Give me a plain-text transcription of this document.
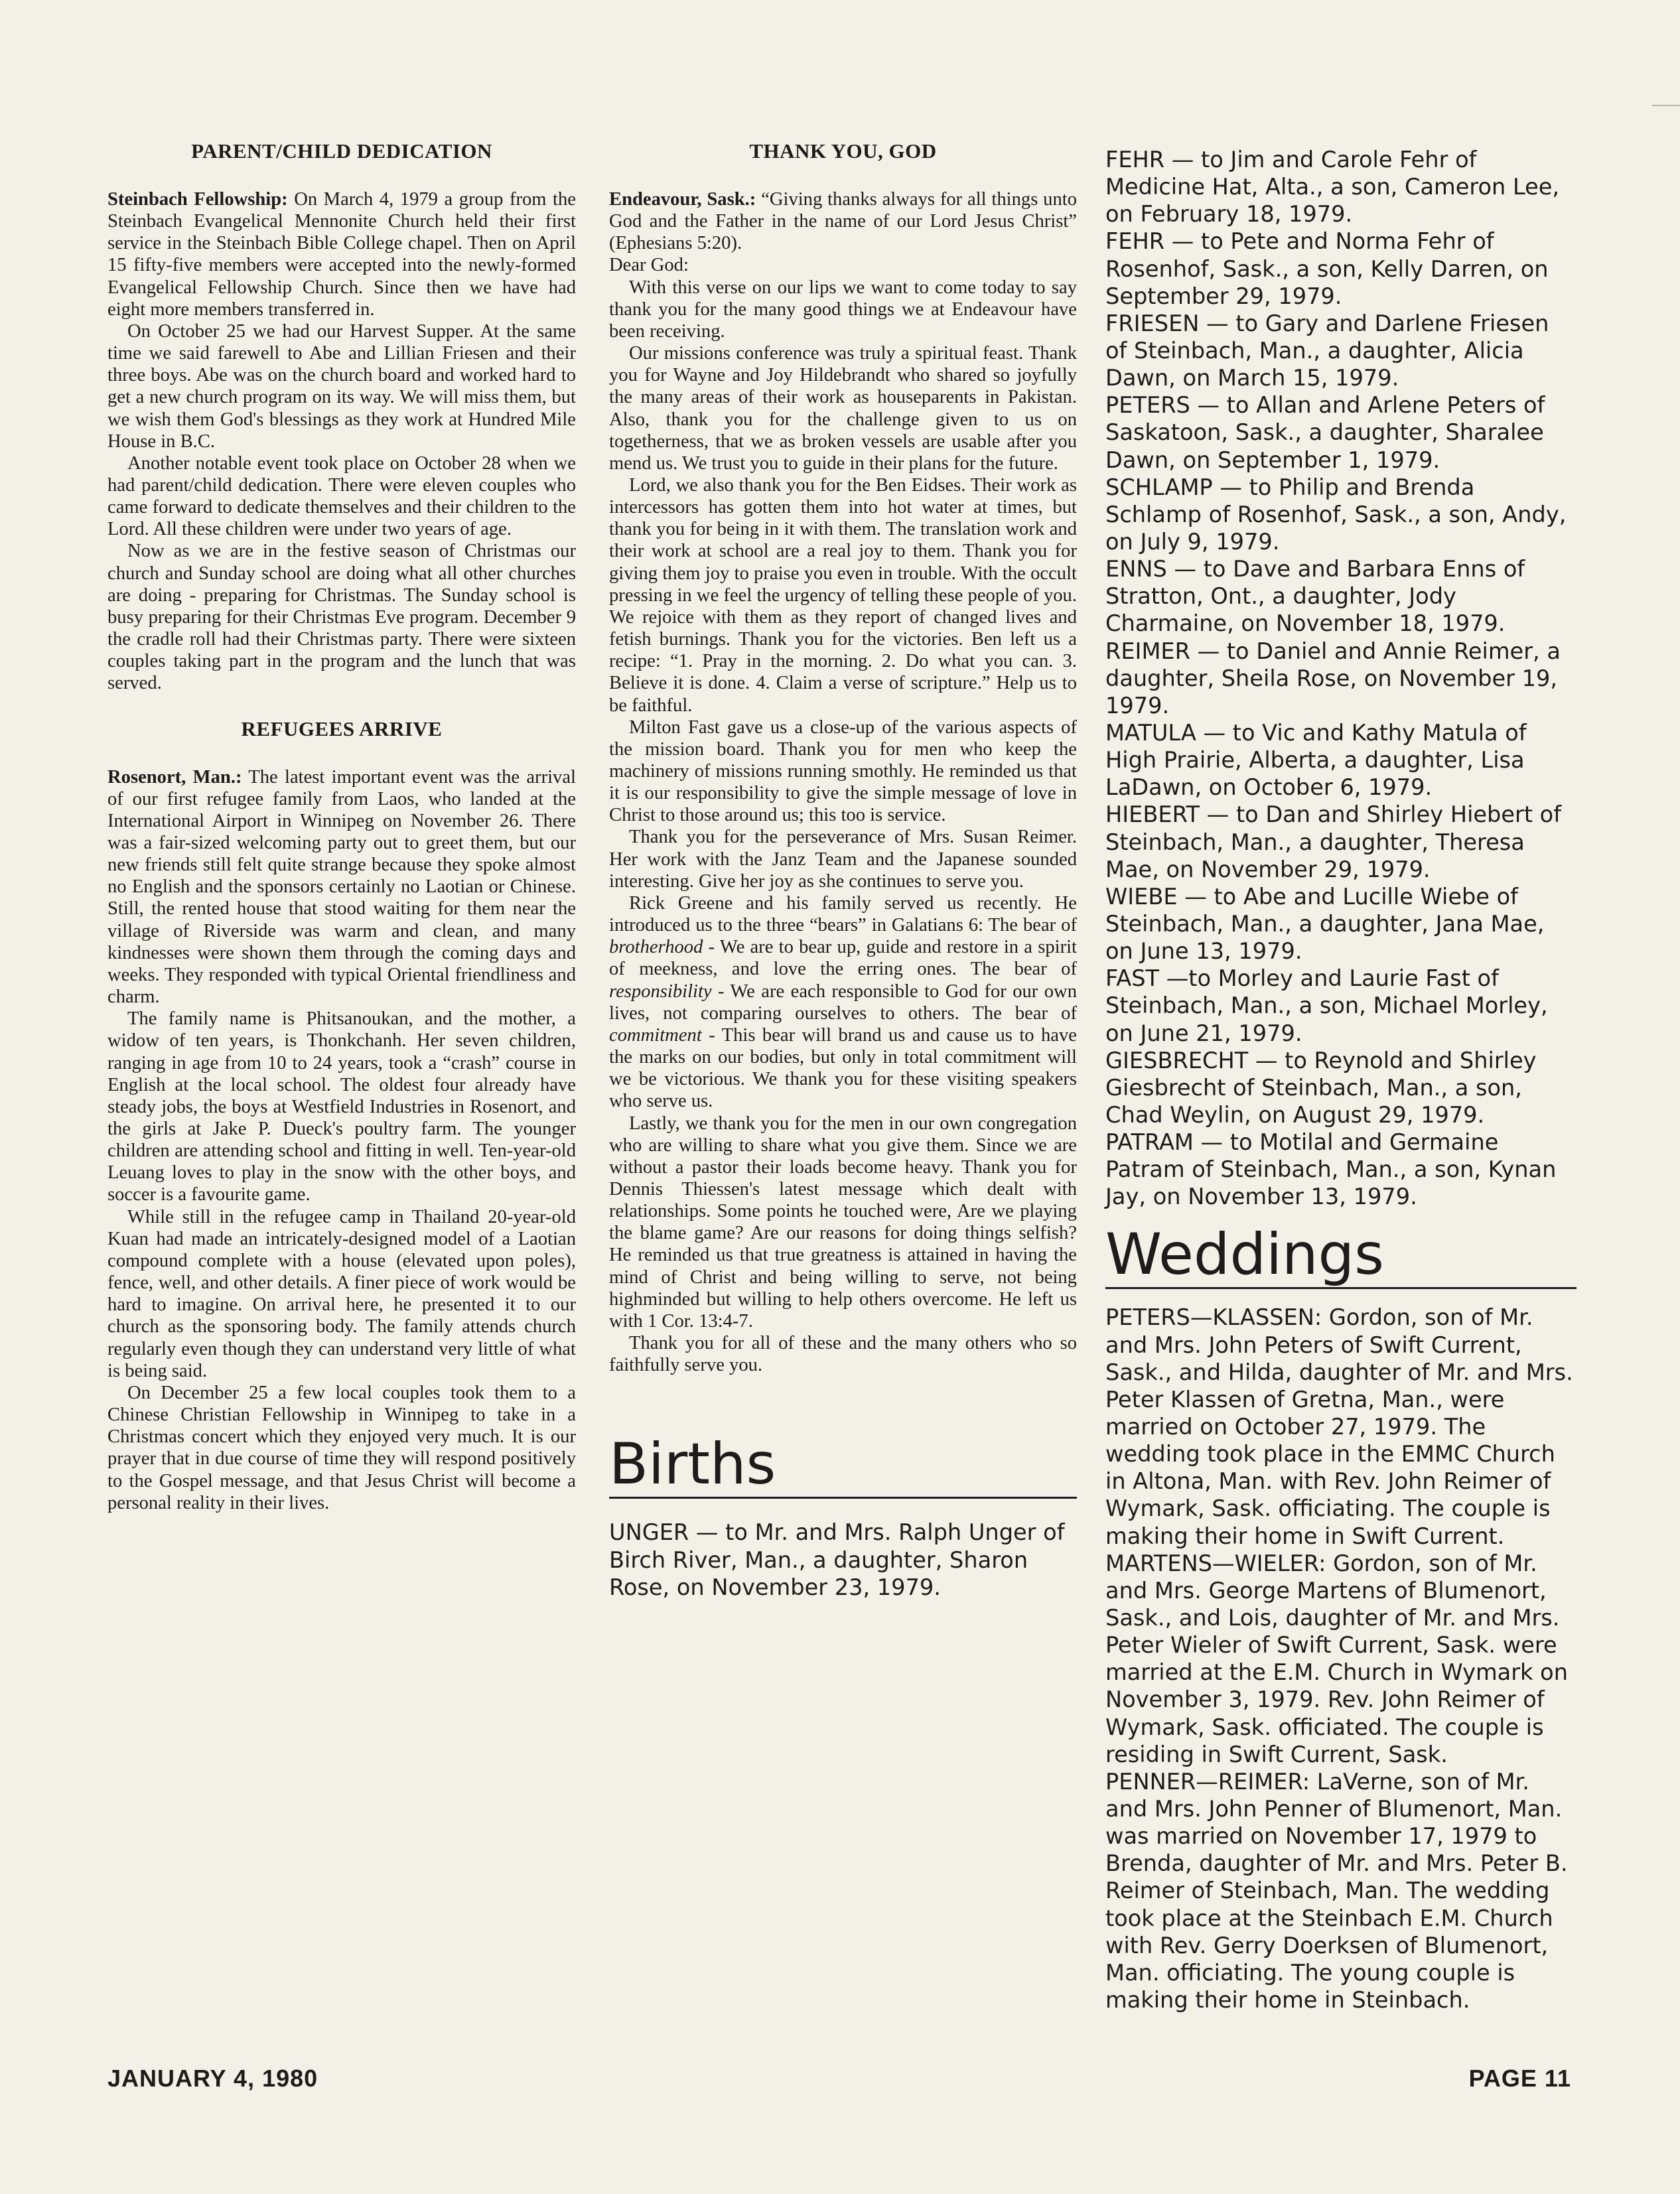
PARENT/CHILD DEDICATION

Steinbach Fellowship: On March 4, 1979 a group from the Steinbach Evangelical Mennonite Church held their first service in the Steinbach Bible College chapel. Then on April 15 fifty-five members were accepted into the newly-formed Evangelical Fellowship Church. Since then we have had eight more members transferred in.

On October 25 we had our Harvest Supper. At the same time we said farewell to Abe and Lillian Friesen and their three boys. Abe was on the church board and worked hard to get a new church program on its way. We will miss them, but we wish them God's blessings as they work at Hundred Mile House in B.C.

Another notable event took place on October 28 when we had parent/child dedication. There were eleven couples who came forward to dedicate themselves and their children to the Lord. All these children were under two years of age.

Now as we are in the festive season of Christmas our church and Sunday school are doing what all other churches are doing - preparing for Christmas. The Sunday school is busy preparing for their Christmas Eve program. December 9 the cradle roll had their Christmas party. There were sixteen couples taking part in the program and the lunch that was served.

REFUGEES ARRIVE

Rosenort, Man.: The latest important event was the arrival of our first refugee family from Laos, who landed at the International Airport in Winnipeg on November 26. There was a fair-sized welcoming party out to greet them, but our new friends still felt quite strange because they spoke almost no English and the sponsors certainly no Laotian or Chinese. Still, the rented house that stood waiting for them near the village of Riverside was warm and clean, and many kindnesses were shown them through the coming days and weeks. They responded with typical Oriental friendliness and charm.

The family name is Phitsanoukan, and the mother, a widow of ten years, is Thonkchanh. Her seven children, ranging in age from 10 to 24 years, took a “crash” course in English at the local school. The oldest four already have steady jobs, the boys at Westfield Industries in Rosenort, and the girls at Jake P. Dueck's poultry farm. The younger children are attending school and fitting in well. Ten-year-old Leuang loves to play in the snow with the other boys, and soccer is a favourite game.

While still in the refugee camp in Thailand 20-year-old Kuan had made an intricately-designed model of a Laotian compound complete with a house (elevated upon poles), fence, well, and other details. A finer piece of work would be hard to imagine. On arrival here, he presented it to our church as the sponsoring body. The family attends church regularly even though they can understand very little of what is being said.

On December 25 a few local couples took them to a Chinese Christian Fellowship in Winnipeg to take in a Christmas concert which they enjoyed very much. It is our prayer that in due course of time they will respond positively to the Gospel message, and that Jesus Christ will become a personal reality in their lives.

THANK YOU, GOD

Endeavour, Sask.: “Giving thanks always for all things unto God and the Father in the name of our Lord Jesus Christ” (Ephesians 5:20).

Dear God:

With this verse on our lips we want to come today to say thank you for the many good things we at Endeavour have been receiving.

Our missions conference was truly a spiritual feast. Thank you for Wayne and Joy Hildebrandt who shared so joyfully the many areas of their work as houseparents in Pakistan. Also, thank you for the challenge given to us on togetherness, that we as broken vessels are usable after you mend us. We trust you to guide in their plans for the future.

Lord, we also thank you for the Ben Eidses. Their work as intercessors has gotten them into hot water at times, but thank you for being in it with them. The translation work and their work at school are a real joy to them. Thank you for giving them joy to praise you even in trouble. With the occult pressing in we feel the urgency of telling these people of you. We rejoice with them as they report of changed lives and fetish burnings. Thank you for the victories. Ben left us a recipe: “1. Pray in the morning. 2. Do what you can. 3. Believe it is done. 4. Claim a verse of scripture.” Help us to be faithful.

Milton Fast gave us a close-up of the various aspects of the mission board. Thank you for men who keep the machinery of missions running smothly. He reminded us that it is our responsibility to give the simple message of love in Christ to those around us; this too is service.

Thank you for the perseverance of Mrs. Susan Reimer. Her work with the Janz Team and the Japanese sounded interesting. Give her joy as she continues to serve you.

Rick Greene and his family served us recently. He introduced us to the three “bears” in Galatians 6: The bear of brotherhood - We are to bear up, guide and restore in a spirit of meekness, and love the erring ones. The bear of responsibility - We are each responsible to God for our own lives, not comparing ourselves to others. The bear of commitment - This bear will brand us and cause us to have the marks on our bodies, but only in total commitment will we be victorious. We thank you for these visiting speakers who serve us.

Lastly, we thank you for the men in our own congregation who are willing to share what you give them. Since we are without a pastor their loads become heavy. Thank you for Dennis Thiessen's latest message which dealt with relationships. Some points he touched were, Are we playing the blame game? Are our reasons for doing things selfish? He reminded us that true greatness is attained in having the mind of Christ and being willing to serve, not being highminded but willing to help others overcome. He left us with 1 Cor. 13:4-7.

Thank you for all of these and the many others who so faithfully serve you.

Births

UNGER — to Mr. and Mrs. Ralph Unger of Birch River, Man., a daughter, Sharon Rose, on November 23, 1979.

FEHR — to Jim and Carole Fehr of Medicine Hat, Alta., a son, Cameron Lee, on February 18, 1979.

FEHR — to Pete and Norma Fehr of Rosenhof, Sask., a son, Kelly Darren, on September 29, 1979.

FRIESEN — to Gary and Darlene Friesen of Steinbach, Man., a daughter, Alicia Dawn, on March 15, 1979.

PETERS — to Allan and Arlene Peters of Saskatoon, Sask., a daughter, Sharalee Dawn, on September 1, 1979.

SCHLAMP — to Philip and Brenda Schlamp of Rosenhof, Sask., a son, Andy, on July 9, 1979.

ENNS — to Dave and Barbara Enns of Stratton, Ont., a daughter, Jody Charmaine, on November 18, 1979.

REIMER — to Daniel and Annie Reimer, a daughter, Sheila Rose, on November 19, 1979.

MATULA — to Vic and Kathy Matula of High Prairie, Alberta, a daughter, Lisa LaDawn, on October 6, 1979.

HIEBERT — to Dan and Shirley Hiebert of Steinbach, Man., a daughter, Theresa Mae, on November 29, 1979.

WIEBE — to Abe and Lucille Wiebe of Steinbach, Man., a daughter, Jana Mae, on June 13, 1979.

FAST —to Morley and Laurie Fast of Steinbach, Man., a son, Michael Morley, on June 21, 1979.

GIESBRECHT — to Reynold and Shirley Giesbrecht of Steinbach, Man., a son, Chad Weylin, on August 29, 1979.

PATRAM — to Motilal and Germaine Patram of Steinbach, Man., a son, Kynan Jay, on November 13, 1979.

Weddings

PETERS—KLASSEN: Gordon, son of Mr. and Mrs. John Peters of Swift Current, Sask., and Hilda, daughter of Mr. and Mrs. Peter Klassen of Gretna, Man., were married on October 27, 1979. The wedding took place in the EMMC Church in Altona, Man. with Rev. John Reimer of Wymark, Sask. officiating. The couple is making their home in Swift Current.

MARTENS—WIELER: Gordon, son of Mr. and Mrs. George Martens of Blumenort, Sask., and Lois, daughter of Mr. and Mrs. Peter Wieler of Swift Current, Sask. were married at the E.M. Church in Wymark on November 3, 1979. Rev. John Reimer of Wymark, Sask. officiated. The couple is residing in Swift Current, Sask.

PENNER—REIMER: LaVerne, son of Mr. and Mrs. John Penner of Blumenort, Man. was married on November 17, 1979 to Brenda, daughter of Mr. and Mrs. Peter B. Reimer of Steinbach, Man. The wedding took place at the Steinbach E.M. Church with Rev. Gerry Doerksen of Blumenort, Man. officiating. The young couple is making their home in Steinbach.

JANUARY 4, 1980	PAGE 11
